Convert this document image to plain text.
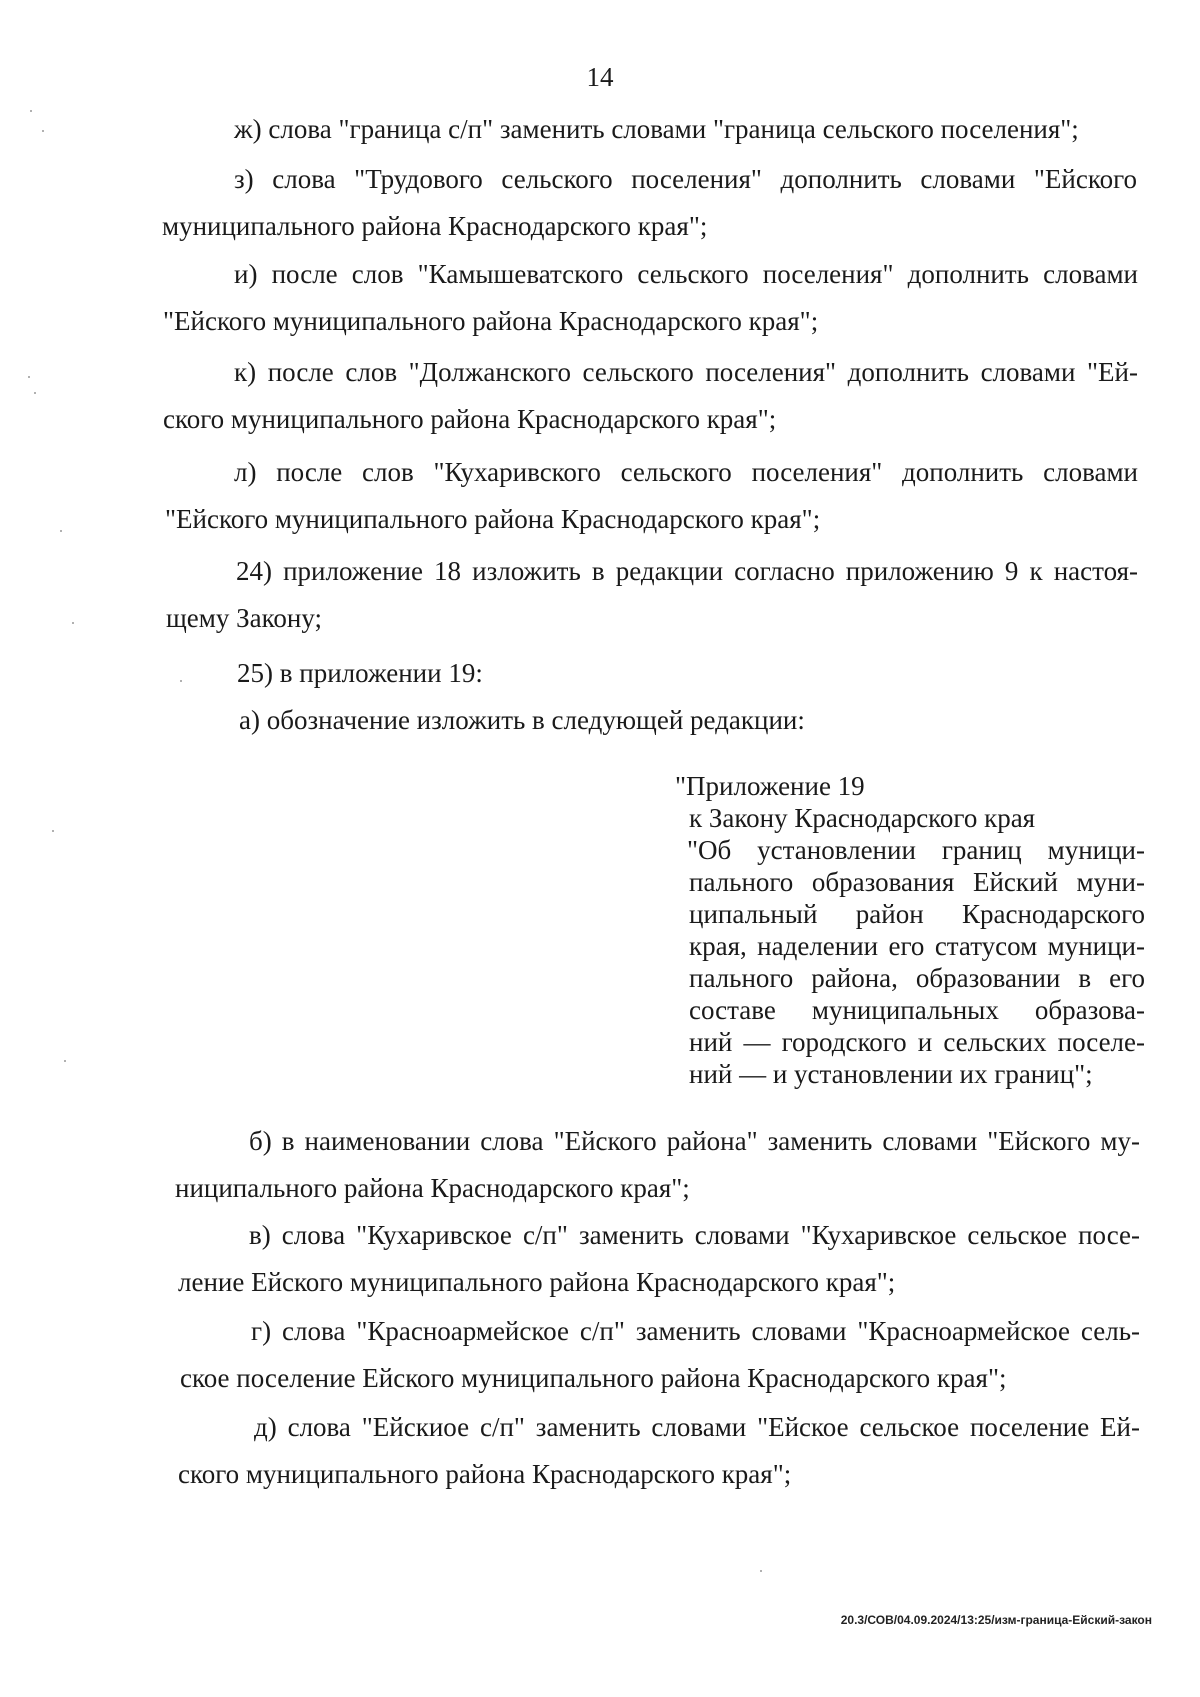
14
ж) слова "граница с/п" заменить словами "граница сельского поселения";
з) слова "Трудового сельского поселения" дополнить словами "Ейского
муниципального района Краснодарского края";
и) после слов "Камышеватского сельского поселения" дополнить словами
"Ейского муниципального района Краснодарского края";
к) после слов "Должанского сельского поселения" дополнить словами "Ей-
ского муниципального района Краснодарского края";
л) после слов "Кухаривского сельского поселения" дополнить словами
"Ейского муниципального района Краснодарского края";
24) приложение 18 изложить в редакции согласно приложению 9 к настоя-
щему Закону;
25) в приложении 19:
а) обозначение изложить в следующей редакции:
"Приложение 19
к Закону Краснодарского края
"Об установлении границ муници-
пального образования Ейский муни-
ципальный район Краснодарского
края, наделении его статусом муници-
пального района, образовании в его
составе муниципальных образова-
ний — городского и сельских поселе-
ний — и установлении их границ";
б) в наименовании слова "Ейского района" заменить словами "Ейского му-
ниципального района Краснодарского края";
в) слова "Кухаривское с/п" заменить словами "Кухаривское сельское посе-
ление Ейского муниципального района Краснодарского края";
г) слова "Красноармейское с/п" заменить словами "Красноармейское сель-
ское поселение Ейского муниципального района Краснодарского края";
д) слова "Ейскиое с/п" заменить словами "Ейское сельское поселение Ей-
ского муниципального района Краснодарского края";
20.3/СОВ/04.09.2024/13:25/изм-граница-Ейский-закон
